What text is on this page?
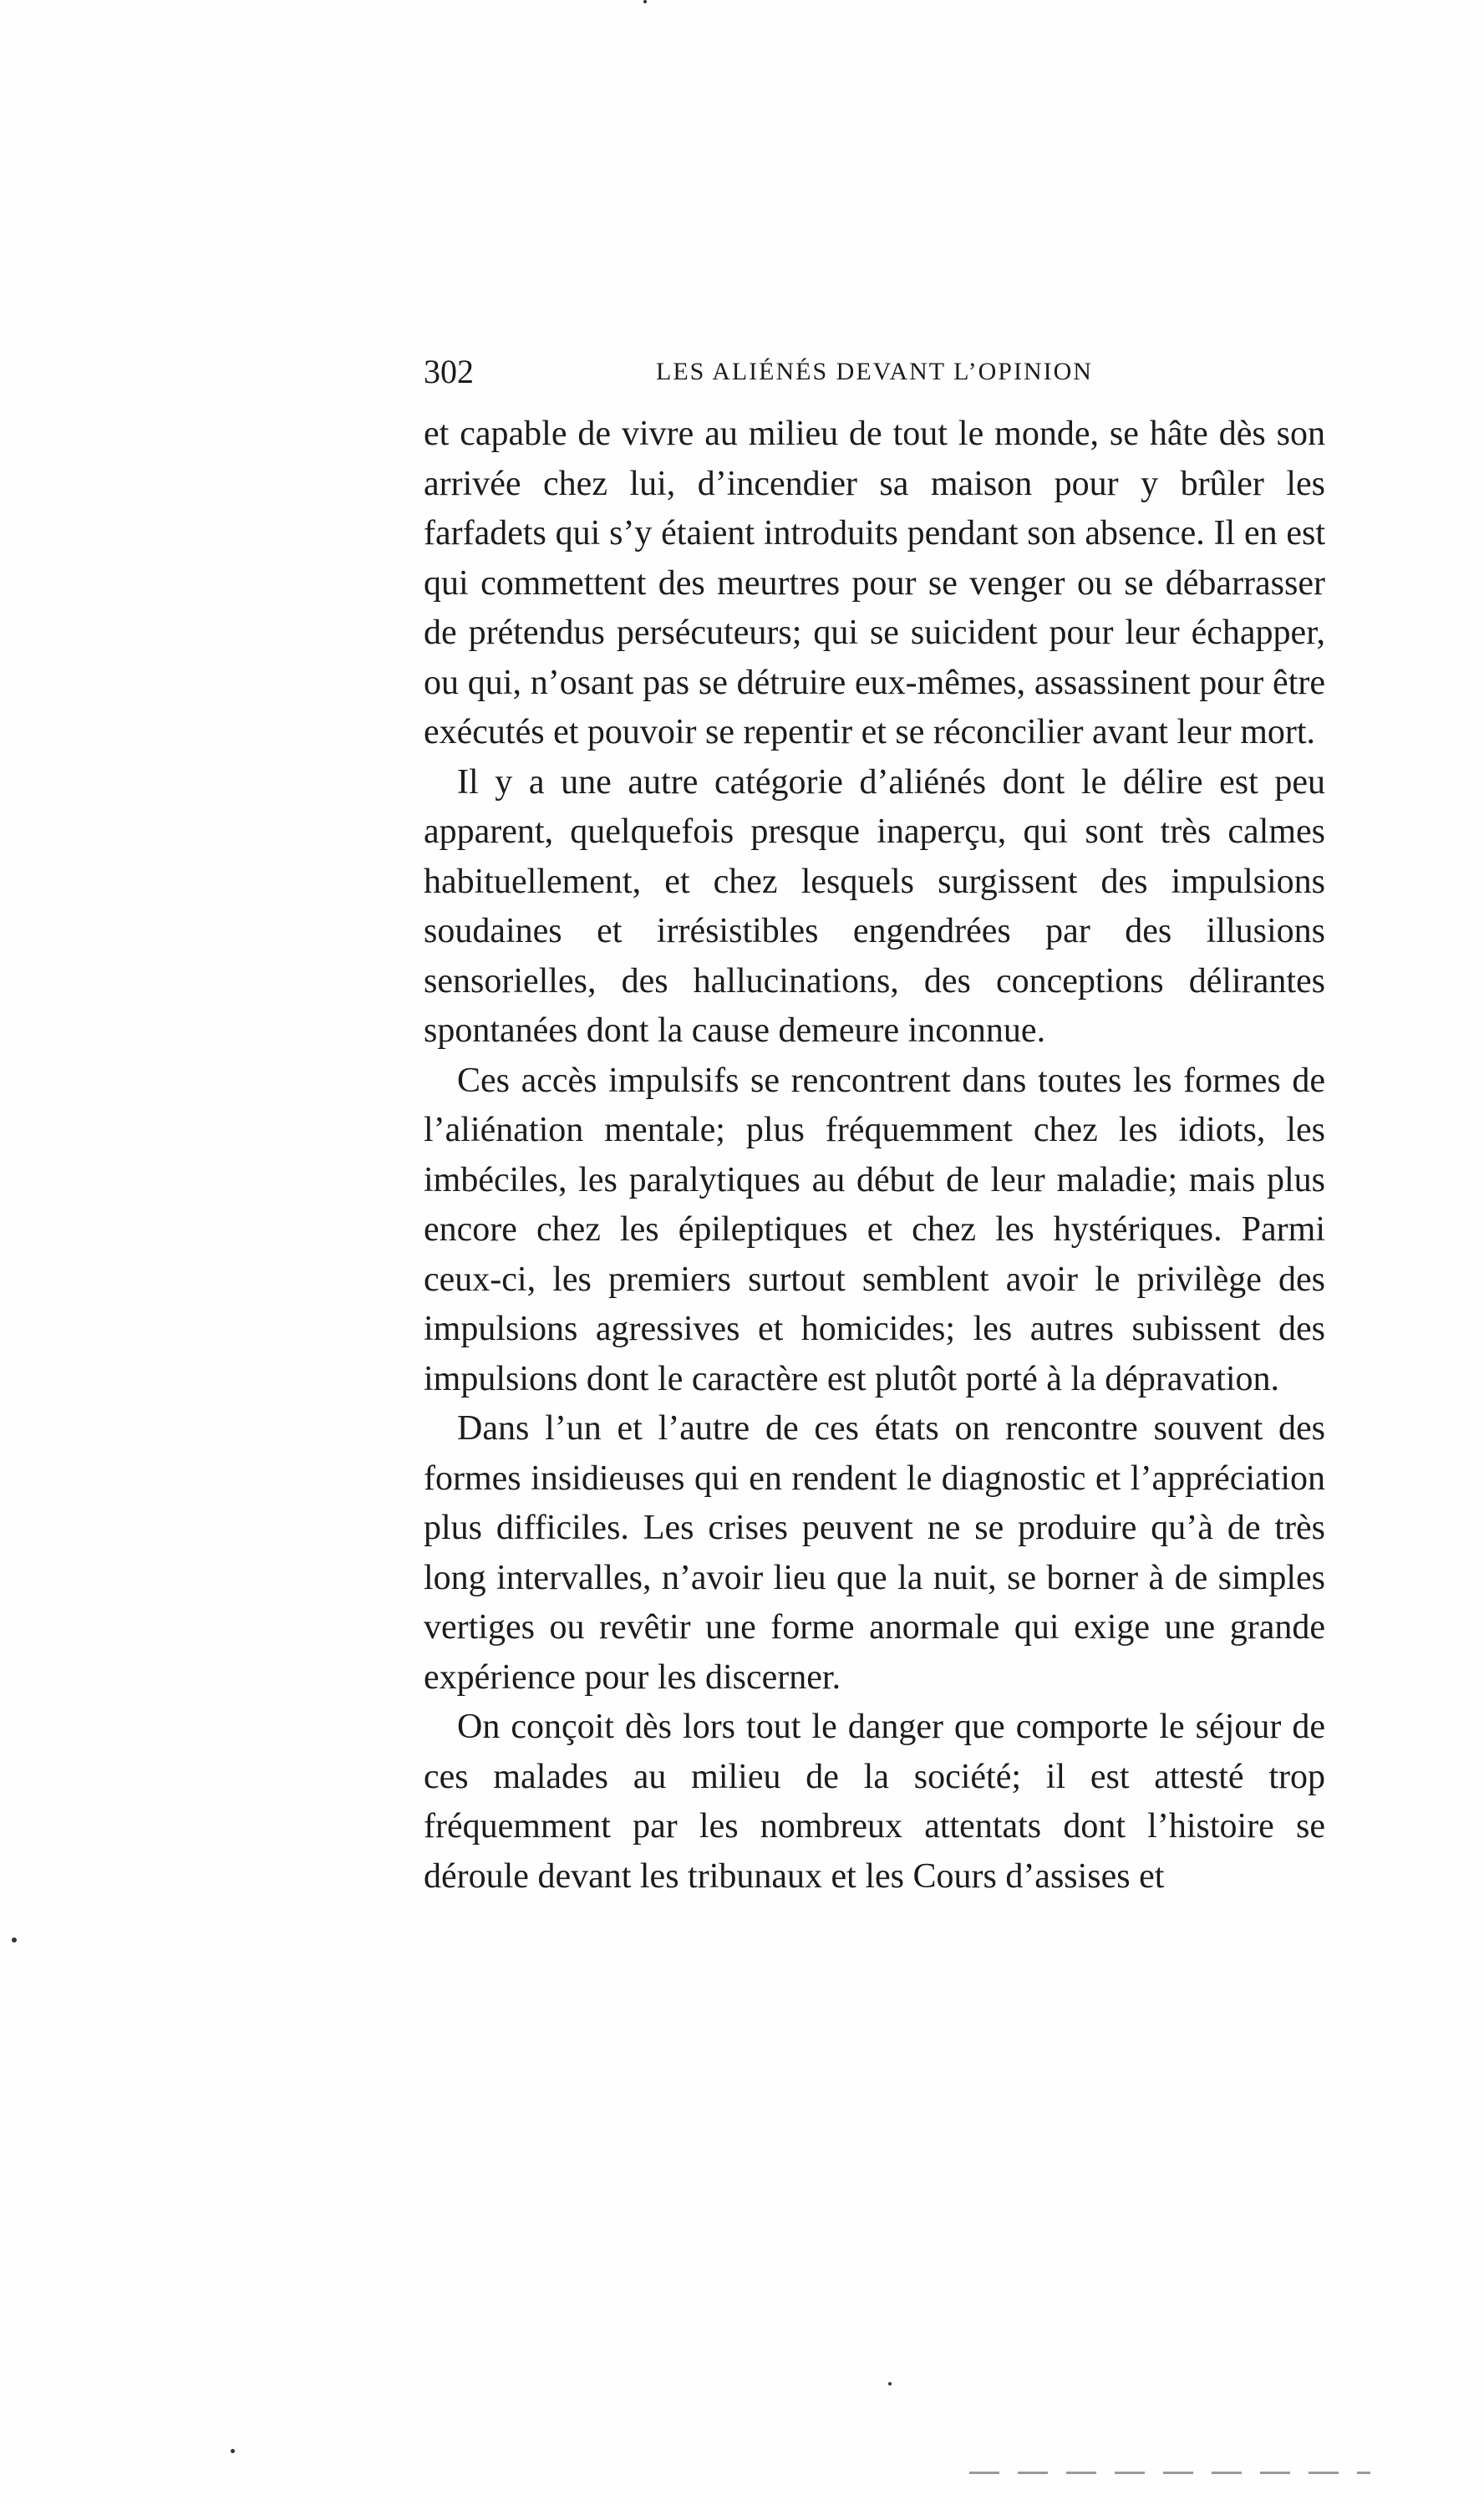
302	LES ALIÉNÉS DEVANT L’OPINION

et capable de vivre au milieu de tout le monde, se hâte dès son arrivée chez lui, d’incendier sa maison pour y brûler les farfadets qui s’y étaient introduits pendant son absence. Il en est qui commettent des meurtres pour se venger ou se débarrasser de prétendus persécuteurs; qui se suicident pour leur échapper, ou qui, n’osant pas se détruire eux-mêmes, assassinent pour être exécutés et pouvoir se repentir et se réconcilier avant leur mort.

Il y a une autre catégorie d’aliénés dont le délire est peu apparent, quelquefois presque inaperçu, qui sont très calmes habituellement, et chez lesquels surgissent des impulsions soudaines et irrésistibles engendrées par des illusions sensorielles, des hallucinations, des conceptions délirantes spontanées dont la cause demeure inconnue.

Ces accès impulsifs se rencontrent dans toutes les formes de l’aliénation mentale; plus fréquemment chez les idiots, les imbéciles, les paralytiques au début de leur maladie; mais plus encore chez les épileptiques et chez les hystériques. Parmi ceux-ci, les premiers surtout semblent avoir le privilège des impulsions agressives et homicides; les autres subissent des impulsions dont le caractère est plutôt porté à la dépravation.

Dans l’un et l’autre de ces états on rencontre souvent des formes insidieuses qui en rendent le diagnostic et l’appréciation plus difficiles. Les crises peuvent ne se produire qu’à de très long intervalles, n’avoir lieu que la nuit, se borner à de simples vertiges ou revêtir une forme anormale qui exige une grande expérience pour les discerner.

On conçoit dès lors tout le danger que comporte le séjour de ces malades au milieu de la société; il est attesté trop fréquemment par les nombreux attentats dont l’histoire se déroule devant les tribunaux et les Cours d’assises et
